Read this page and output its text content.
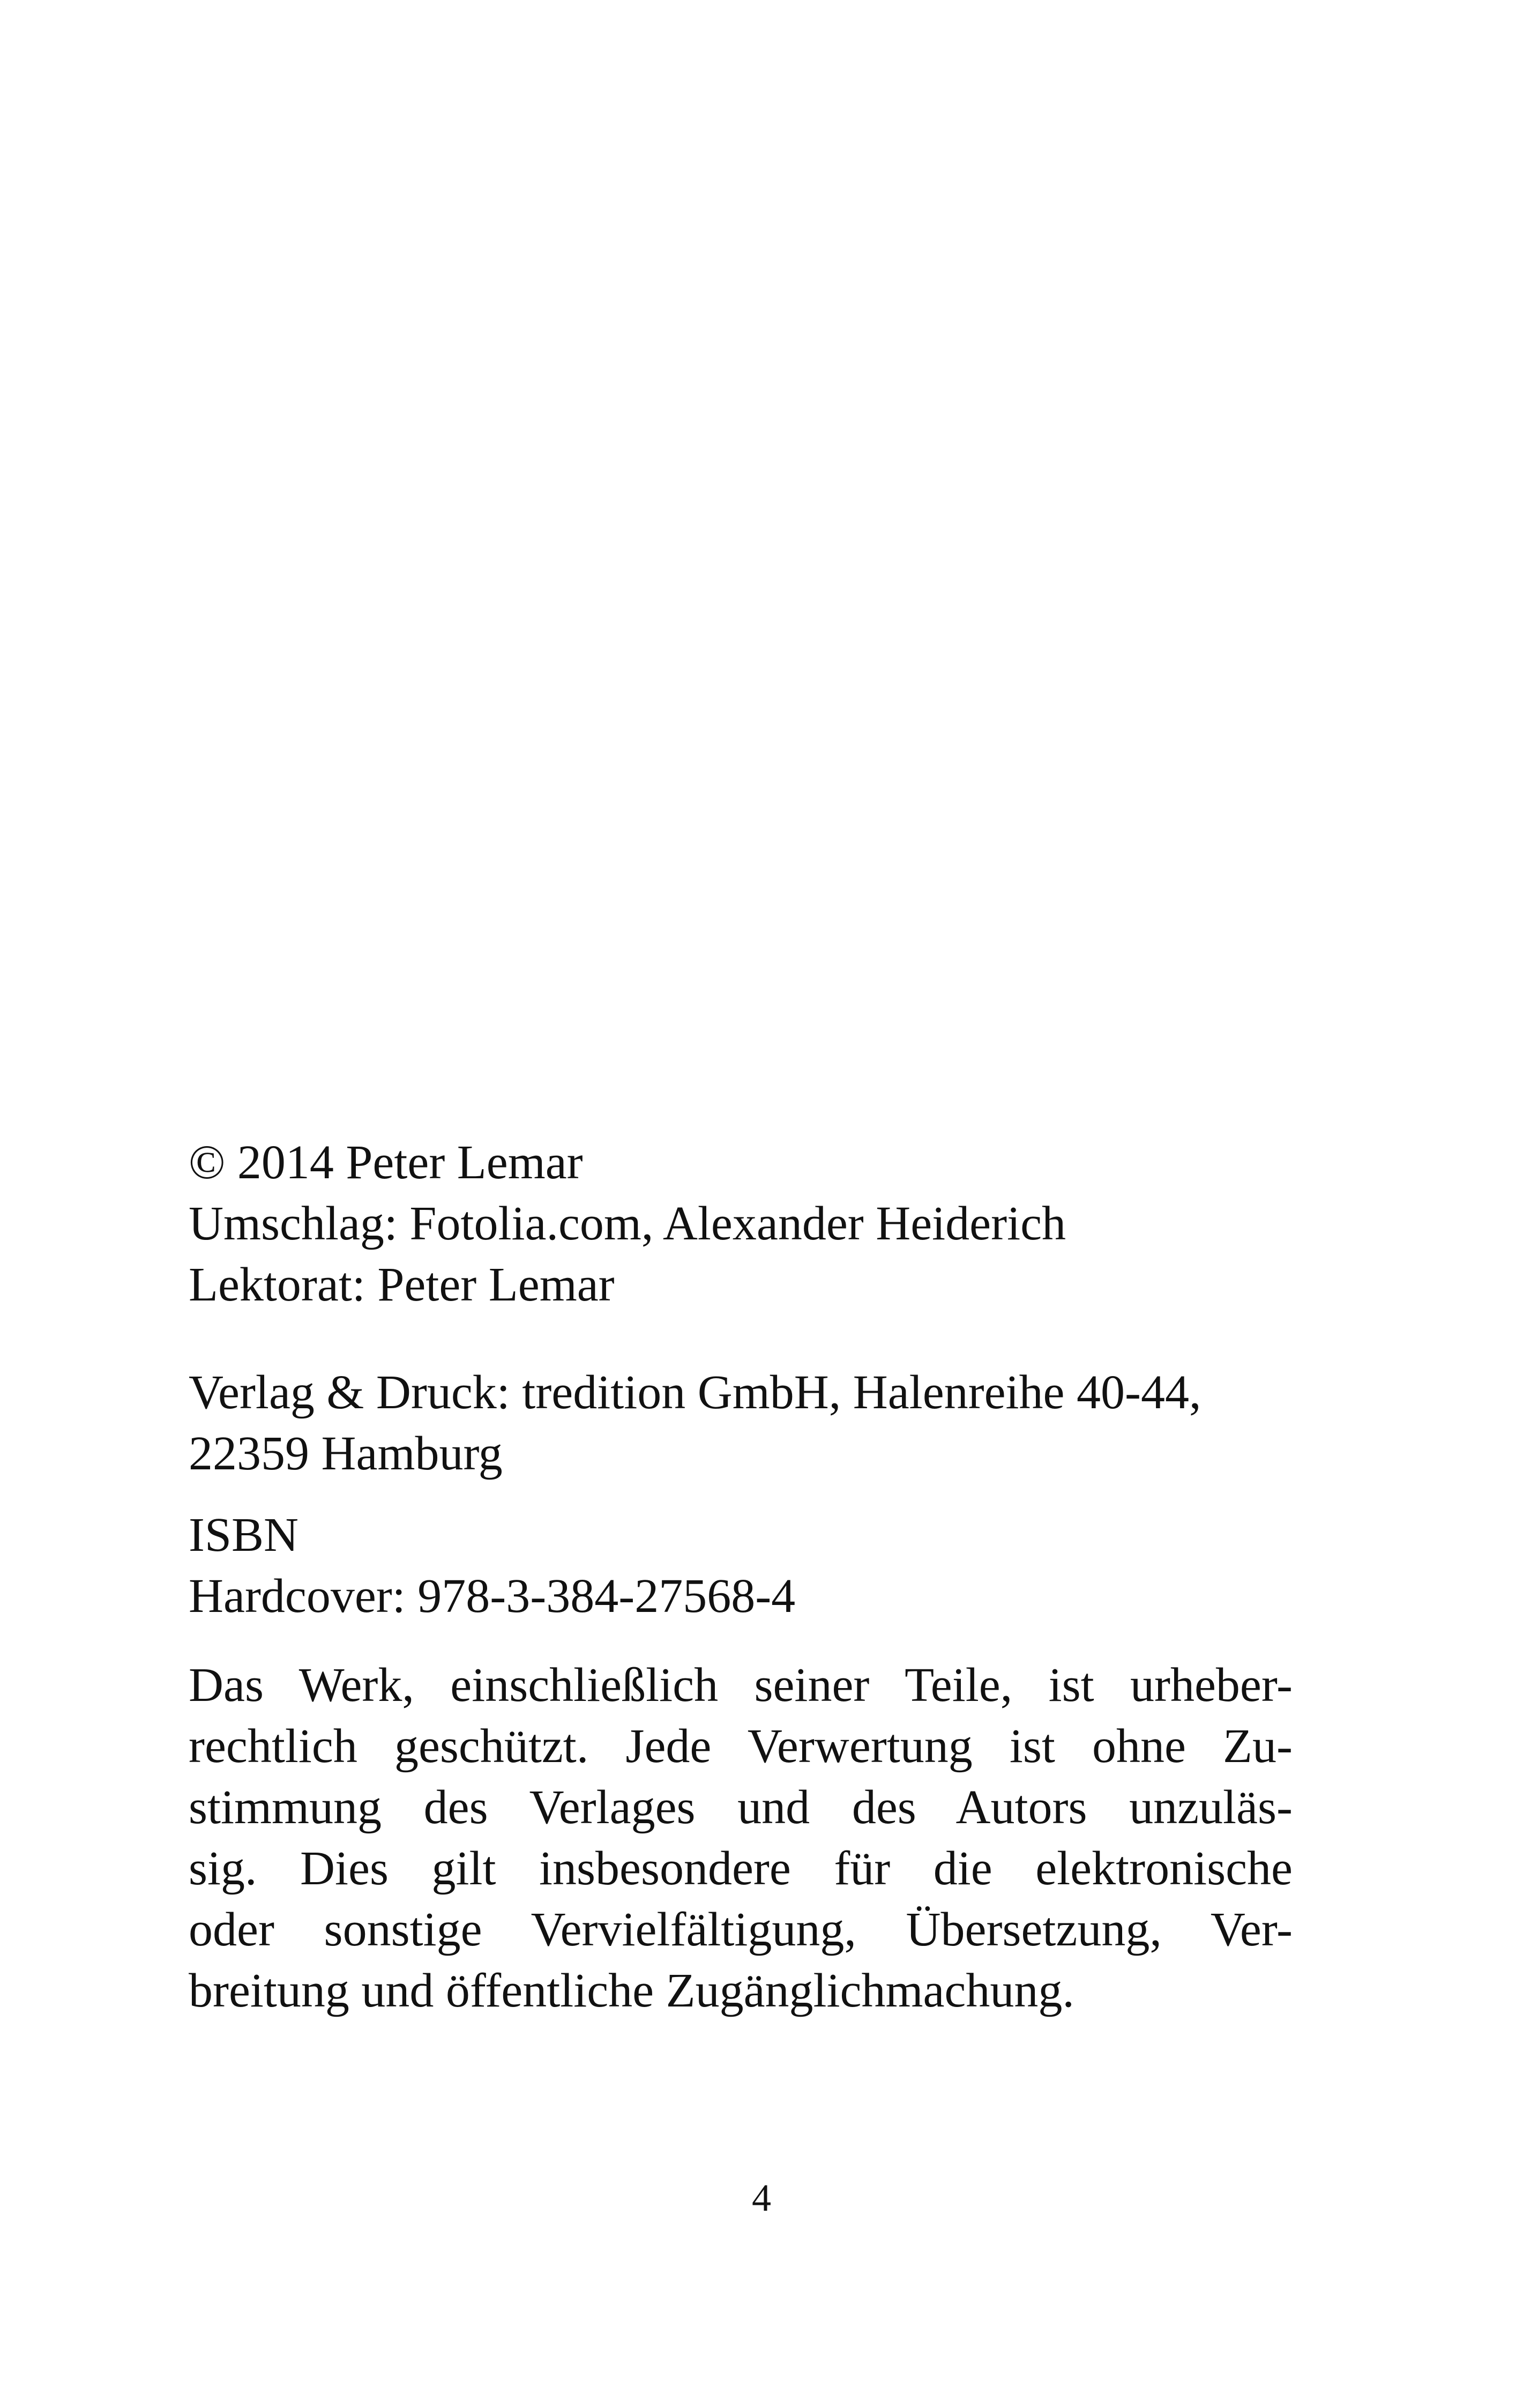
© 2014 Peter Lemar
Umschlag: Fotolia.com, Alexander Heiderich
Lektorat: Peter Lemar
Verlag & Druck: tredition GmbH, Halenreihe 40-44,
22359 Hamburg
ISBN
Hardcover: 978-3-384-27568-4
Das Werk, einschließlich seiner Teile, ist urheber-
rechtlich geschützt. Jede Verwertung ist ohne Zu-
stimmung des Verlages und des Autors unzuläs-
sig. Dies gilt insbesondere für die elektronische
oder sonstige Vervielfältigung, Übersetzung, Ver-
breitung und öffentliche Zugänglichmachung.
4
